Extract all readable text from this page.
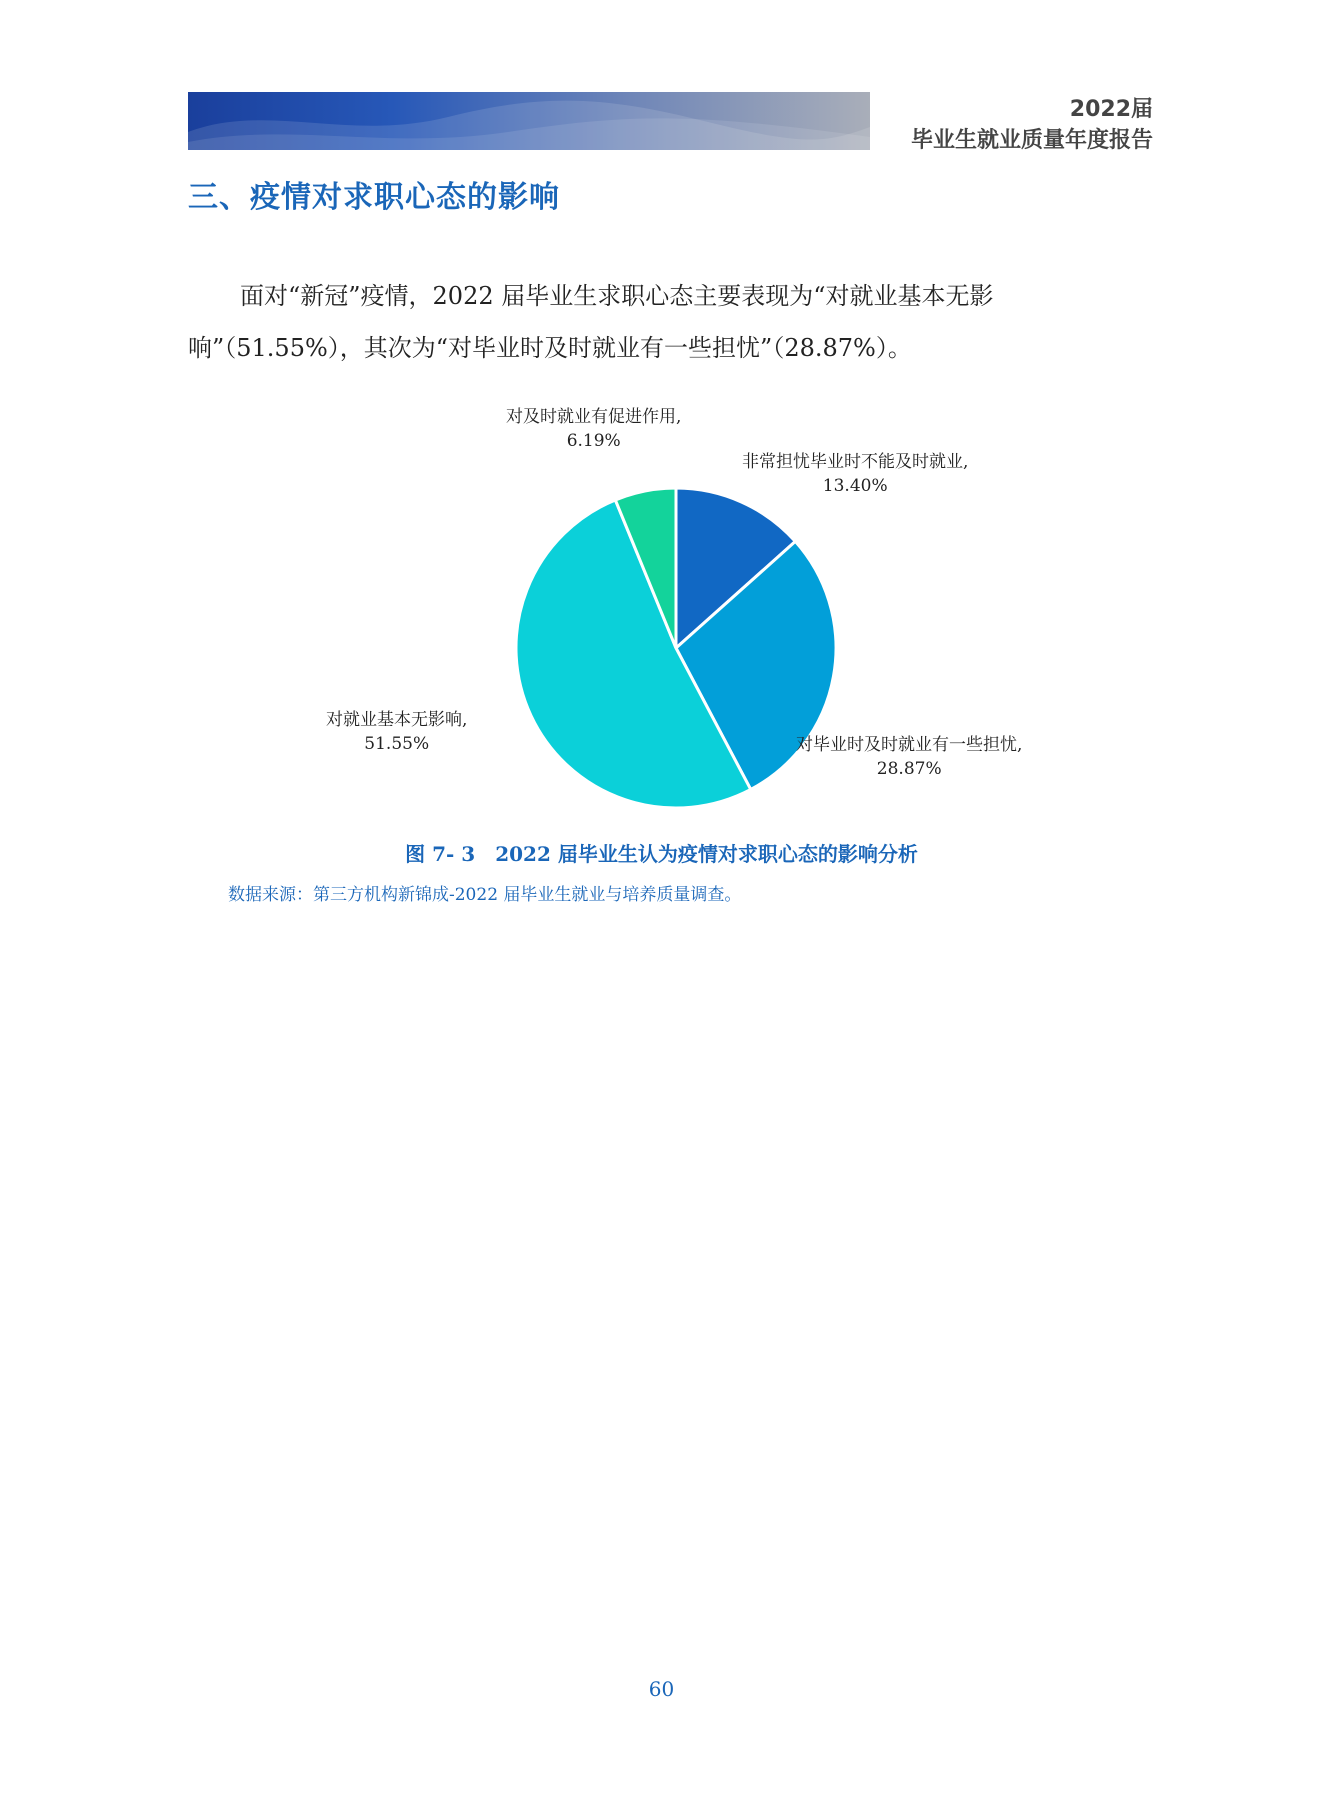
2022届
毕业生就业质量年度报告
三、疫情对求职心态的影响
面对“新冠”疫情，2022 届毕业生求职心态主要表现为“对就业基本无影响”（51.55%），其次为“对毕业时及时就业有一些担忧”（28.87%）。
非常担忧毕业时不能及时就业,
13.40%
对毕业时及时就业有一些担忧,
28.87%
对就业基本无影响,
51.55%
对及时就业有促进作用,
6.19%
图 7- 3　2022 届毕业生认为疫情对求职心态的影响分析
数据来源：第三方机构新锦成-2022 届毕业生就业与培养质量调查。
60
